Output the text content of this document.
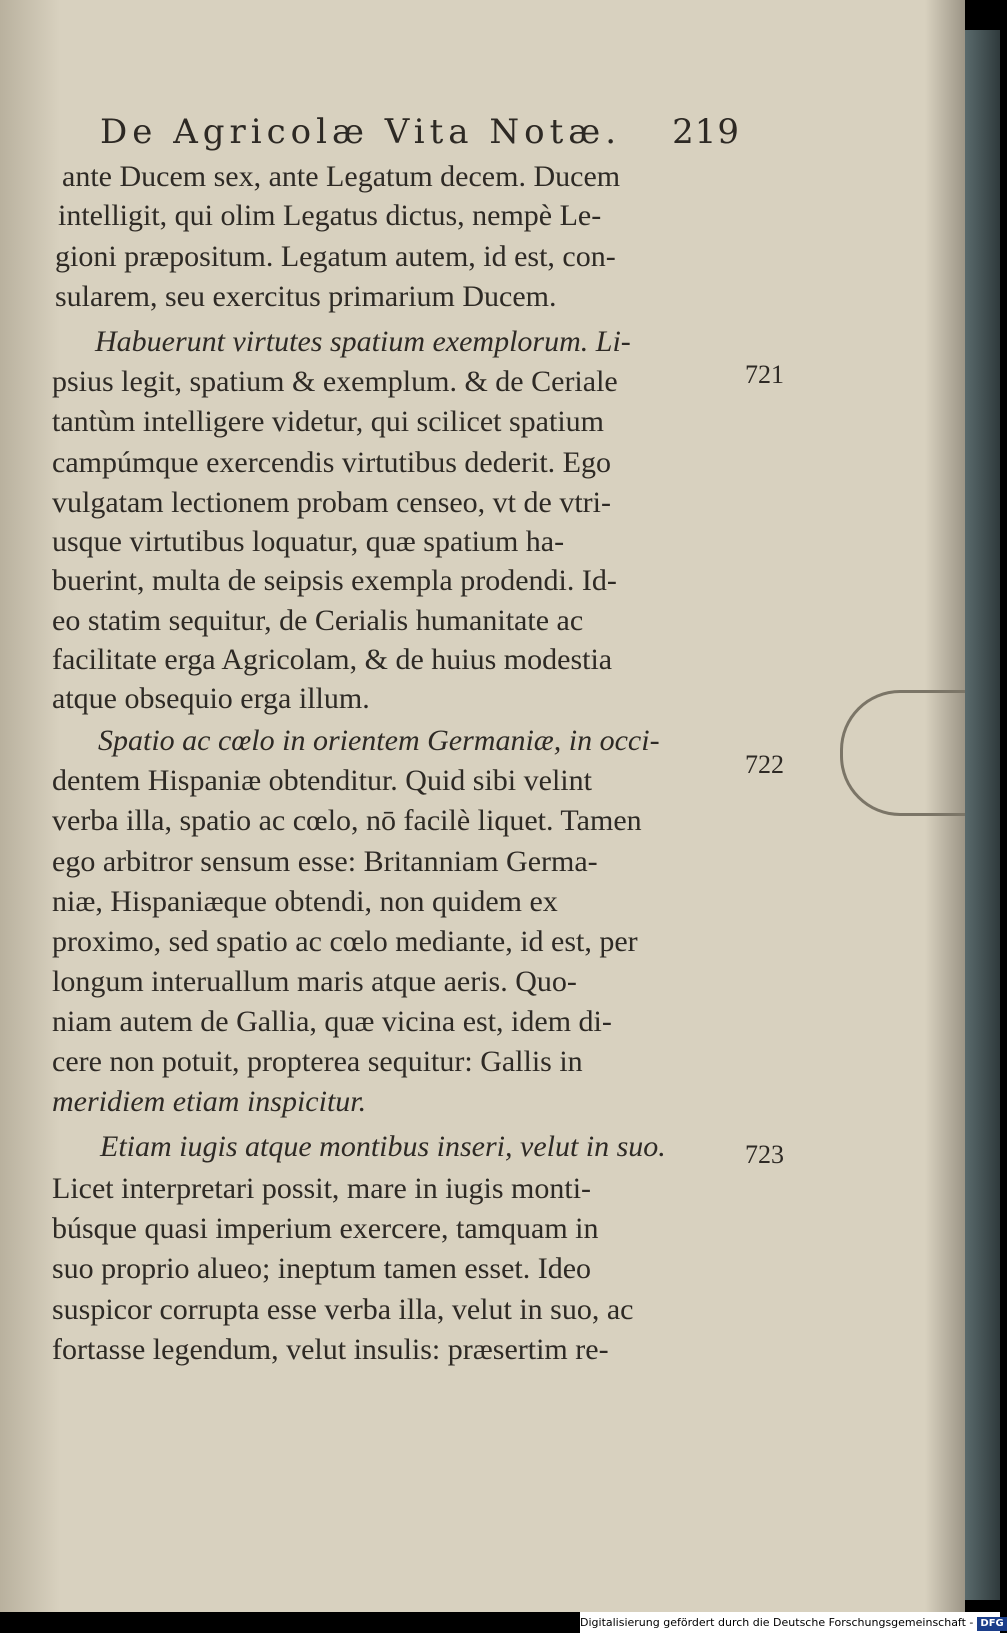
De Agricolæ Vita Notæ. 219
ante Ducem sex, ante Legatum decem. Ducem
intelligit, qui olim Legatus dictus, nempè Le-
gioni præpositum. Legatum autem, id est, con-
sularem, seu exercitus primarium Ducem.
Habuerunt virtutes spatium exemplorum. Li-
psius legit, spatium & exemplum. & de Ceriale
tantùm intelligere videtur, qui scilicet spatium
campúmque exercendis virtutibus dederit. Ego
vulgatam lectionem probam censeo, vt de vtri-
usque virtutibus loquatur, quæ spatium ha-
buerint, multa de seipsis exempla prodendi. Id-
eo statim sequitur, de Cerialis humanitate ac
facilitate erga Agricolam, & de huius modestia
atque obsequio erga illum.
Spatio ac cœlo in orientem Germaniæ, in occi-
dentem Hispaniæ obtenditur. Quid sibi velint
verba illa, spatio ac cœlo, nō facilè liquet. Tamen
ego arbitror sensum esse: Britanniam Germa-
niæ, Hispaniæque obtendi, non quidem ex
proximo, sed spatio ac cœlo mediante, id est, per
longum interuallum maris atque aeris. Quo-
niam autem de Gallia, quæ vicina est, idem di-
cere non potuit, propterea sequitur: Gallis in
meridiem etiam inspicitur.
Etiam iugis atque montibus inseri, velut in suo.
Licet interpretari possit, mare in iugis monti-
búsque quasi imperium exercere, tamquam in
suo proprio alueo; ineptum tamen esset. Ideo
suspicor corrupta esse verba illa, velut in suo, ac
fortasse legendum, velut insulis: præsertim re-
721
722
723
Digitalisierung gefördert durch die Deutsche Forschungsgemeinschaft - DFG
